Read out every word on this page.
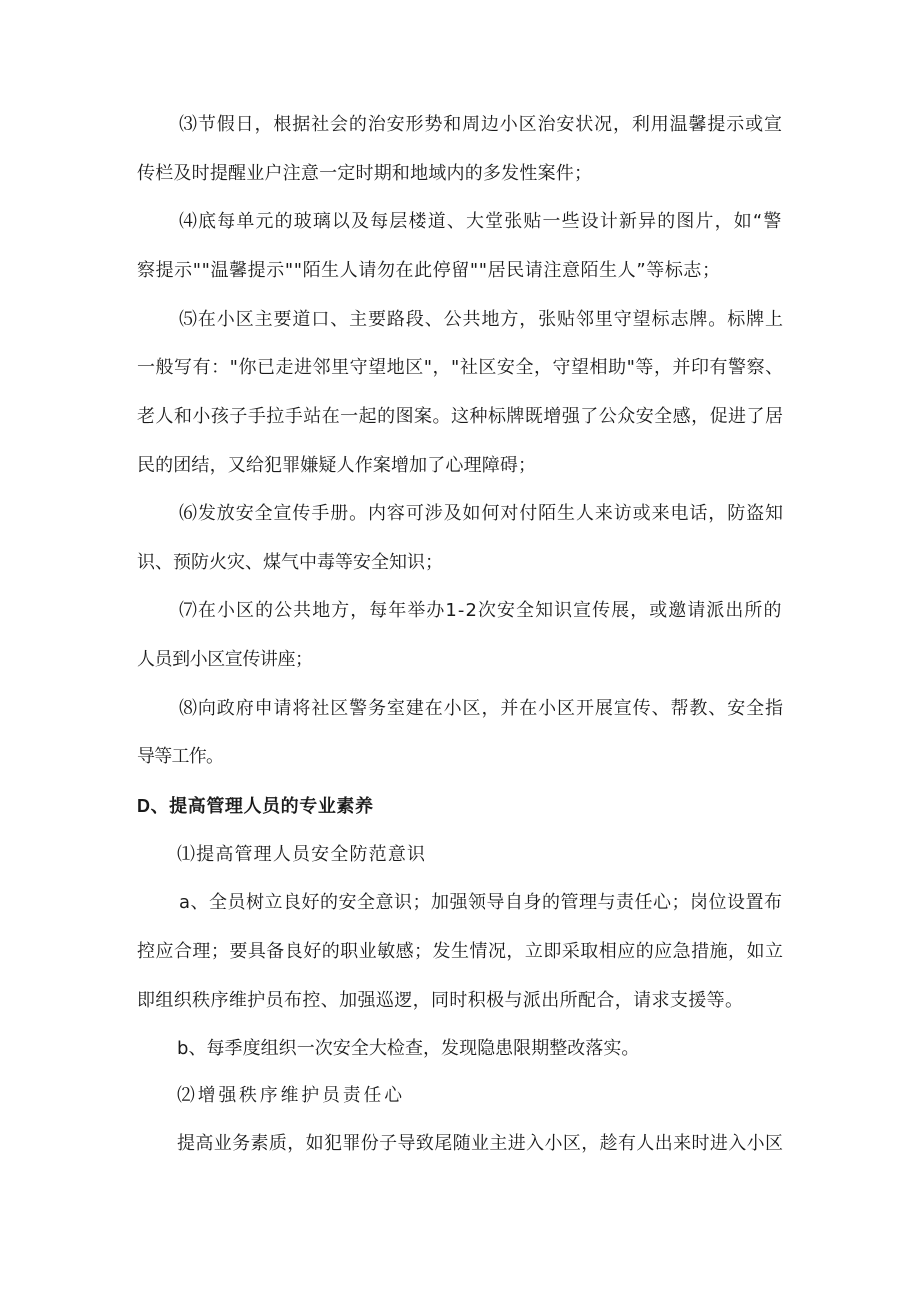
⑶节假日，根据社会的治安形势和周边小区治安状况，利用温馨提示或宣
传栏及时提醒业户注意一定时期和地域内的多发性案件；
⑷底每单元的玻璃以及每层楼道、大堂张贴一些设计新异的图片，如“警
察提示""温馨提示""陌生人请勿在此停留""居民请注意陌生人”等标志；
⑸在小区主要道口、主要路段、公共地方，张贴邻里守望标志牌。标牌上
一般写有："你已走进邻里守望地区"，"社区安全，守望相助"等，并印有警察、
老人和小孩子手拉手站在一起的图案。这种标牌既增强了公众安全感，促进了居
民的团结，又给犯罪嫌疑人作案增加了心理障碍；
⑹发放安全宣传手册。内容可涉及如何对付陌生人来访或来电话，防盗知
识、预防火灾、煤气中毒等安全知识；
⑺在小区的公共地方，每年举办1-2次安全知识宣传展，或邀请派出所的
人员到小区宣传讲座；
⑻向政府申请将社区警务室建在小区，并在小区开展宣传、帮教、安全指
导等工作。
D、提高管理人员的专业素养
⑴提高管理人员安全防范意识
a、全员树立良好的安全意识；加强领导自身的管理与责任心；岗位设置布
控应合理；要具备良好的职业敏感；发生情况，立即采取相应的应急措施，如立
即组织秩序维护员布控、加强巡逻，同时积极与派出所配合，请求支援等。
b、每季度组织一次安全大检查，发现隐患限期整改落实。
⑵增强秩序维护员责任心
提高业务素质，如犯罪份子导致尾随业主进入小区，趁有人出来时进入小区
